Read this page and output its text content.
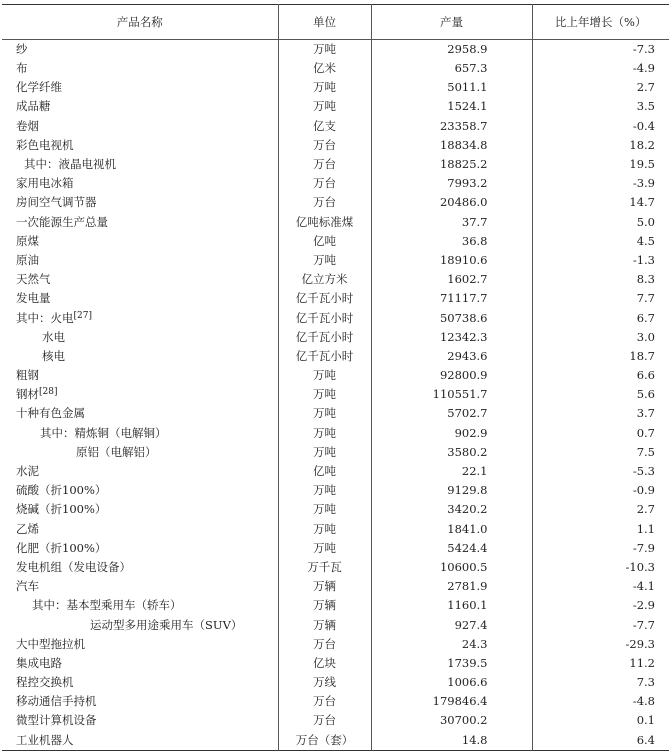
产品名称	单位	产量	比上年增长（%）
纱	万吨	2958.9	-7.3
布	亿米	657.3	-4.9
化学纤维	万吨	5011.1	2.7
成品糖	万吨	1524.1	3.5
卷烟	亿支	23358.7	-0.4
彩色电视机	万台	18834.8	18.2
其中：液晶电视机	万台	18825.2	19.5
家用电冰箱	万台	7993.2	-3.9
房间空气调节器	万台	20486.0	14.7
一次能源生产总量	亿吨标准煤	37.7	5.0
原煤	亿吨	36.8	4.5
原油	万吨	18910.6	-1.3
天然气	亿立方米	1602.7	8.3
发电量	亿千瓦小时	71117.7	7.7
其中：火电[27]	亿千瓦小时	50738.6	6.7
水电	亿千瓦小时	12342.3	3.0
核电	亿千瓦小时	2943.6	18.7
粗钢	万吨	92800.9	6.6
钢材[28]	万吨	110551.7	5.6
十种有色金属	万吨	5702.7	3.7
其中：精炼铜（电解铜）	万吨	902.9	0.7
原铝（电解铝）	万吨	3580.2	7.5
水泥	亿吨	22.1	-5.3
硫酸（折100%）	万吨	9129.8	-0.9
烧碱（折100%）	万吨	3420.2	2.7
乙烯	万吨	1841.0	1.1
化肥（折100%）	万吨	5424.4	-7.9
发电机组（发电设备）	万千瓦	10600.5	-10.3
汽车	万辆	2781.9	-4.1
其中：基本型乘用车（轿车）	万辆	1160.1	-2.9
运动型多用途乘用车（SUV）	万辆	927.4	-7.7
大中型拖拉机	万台	24.3	-29.3
集成电路	亿块	1739.5	11.2
程控交换机	万线	1006.6	7.3
移动通信手持机	万台	179846.4	-4.8
微型计算机设备	万台	30700.2	0.1
工业机器人	万台（套）	14.8	6.4
